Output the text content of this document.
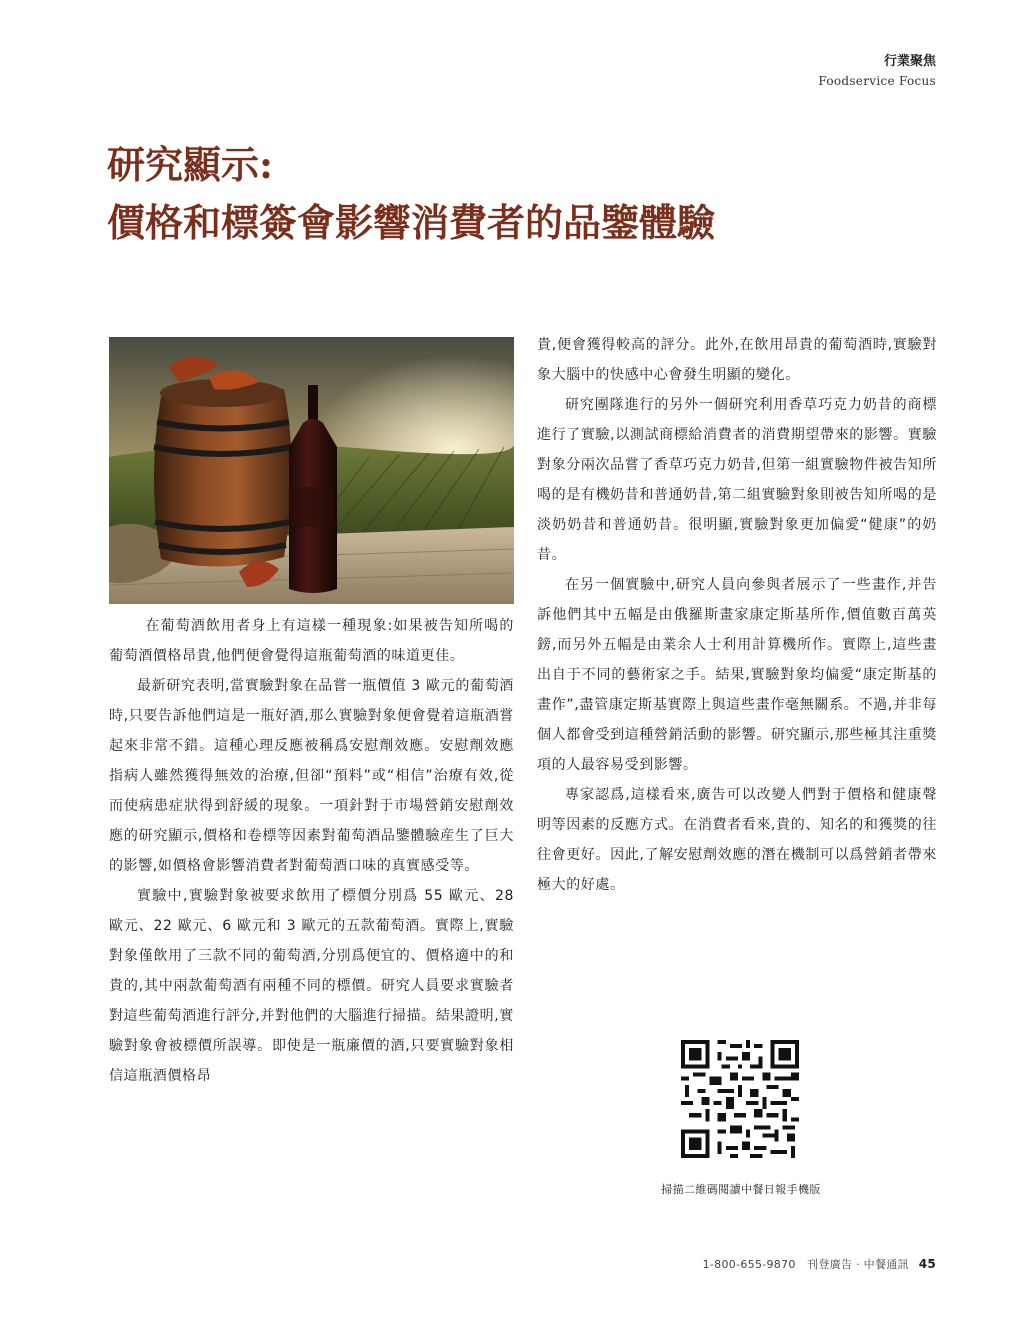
行業聚焦
Foodservice Focus
研究顯示:
價格和標簽會影響消費者的品鑒體驗

在葡萄酒飲用者身上有這樣一種現象:如果被告知所喝的葡萄酒價格昂貴,他們便會覺得這瓶葡萄酒的味道更佳。

最新研究表明,當實驗對象在品嘗一瓶價值 3 歐元的葡萄酒時,只要告訴他們這是一瓶好酒,那么實驗對象便會覺着這瓶酒嘗起來非常不錯。這種心理反應被稱爲安慰劑效應。安慰劑效應指病人雖然獲得無效的治療,但卻“預料”或“相信”治療有效,從而使病患症狀得到舒緩的現象。一項針對于市場營銷安慰劑效應的研究顯示,價格和卷標等因素對葡萄酒品鑒體驗産生了巨大的影響,如價格會影響消費者對葡萄酒口味的真實感受等。

實驗中,實驗對象被要求飲用了標價分別爲 55 歐元、28 歐元、22 歐元、6 歐元和 3 歐元的五款葡萄酒。實際上,實驗對象僅飲用了三款不同的葡萄酒,分別爲便宜的、價格適中的和貴的,其中兩款葡萄酒有兩種不同的標價。研究人員要求實驗者對這些葡萄酒進行評分,并對他們的大腦進行掃描。結果證明,實驗對象會被標價所誤導。即使是一瓶廉價的酒,只要實驗對象相信這瓶酒價格昂

貴,便會獲得較高的評分。此外,在飲用昂貴的葡萄酒時,實驗對象大腦中的快感中心會發生明顯的變化。

研究團隊進行的另外一個研究利用香草巧克力奶昔的商標進行了實驗,以測試商標給消費者的消費期望帶來的影響。實驗對象分兩次品嘗了香草巧克力奶昔,但第一組實驗物件被告知所喝的是有機奶昔和普通奶昔,第二組實驗對象則被告知所喝的是淡奶奶昔和普通奶昔。很明顯,實驗對象更加偏愛“健康”的奶昔。

在另一個實驗中,研究人員向參與者展示了一些畫作,并告訴他們其中五幅是由俄羅斯畫家康定斯基所作,價值數百萬英鎊,而另外五幅是由業余人士利用計算機所作。實際上,這些畫出自于不同的藝術家之手。結果,實驗對象均偏愛“康定斯基的畫作”,盡管康定斯基實際上與這些畫作毫無關系。不過,并非每個人都會受到這種營銷活動的影響。研究顯示,那些極其注重獎項的人最容易受到影響。

專家認爲,這樣看來,廣告可以改變人們對于價格和健康聲明等因素的反應方式。在消費者看來,貴的、知名的和獲獎的往往會更好。因此,了解安慰劑效應的潛在機制可以爲營銷者帶來極大的好處。

掃描二維碼閱讀中餐日報手機版
1-800-655-9870 刊登廣告 · 中餐通訊 45
